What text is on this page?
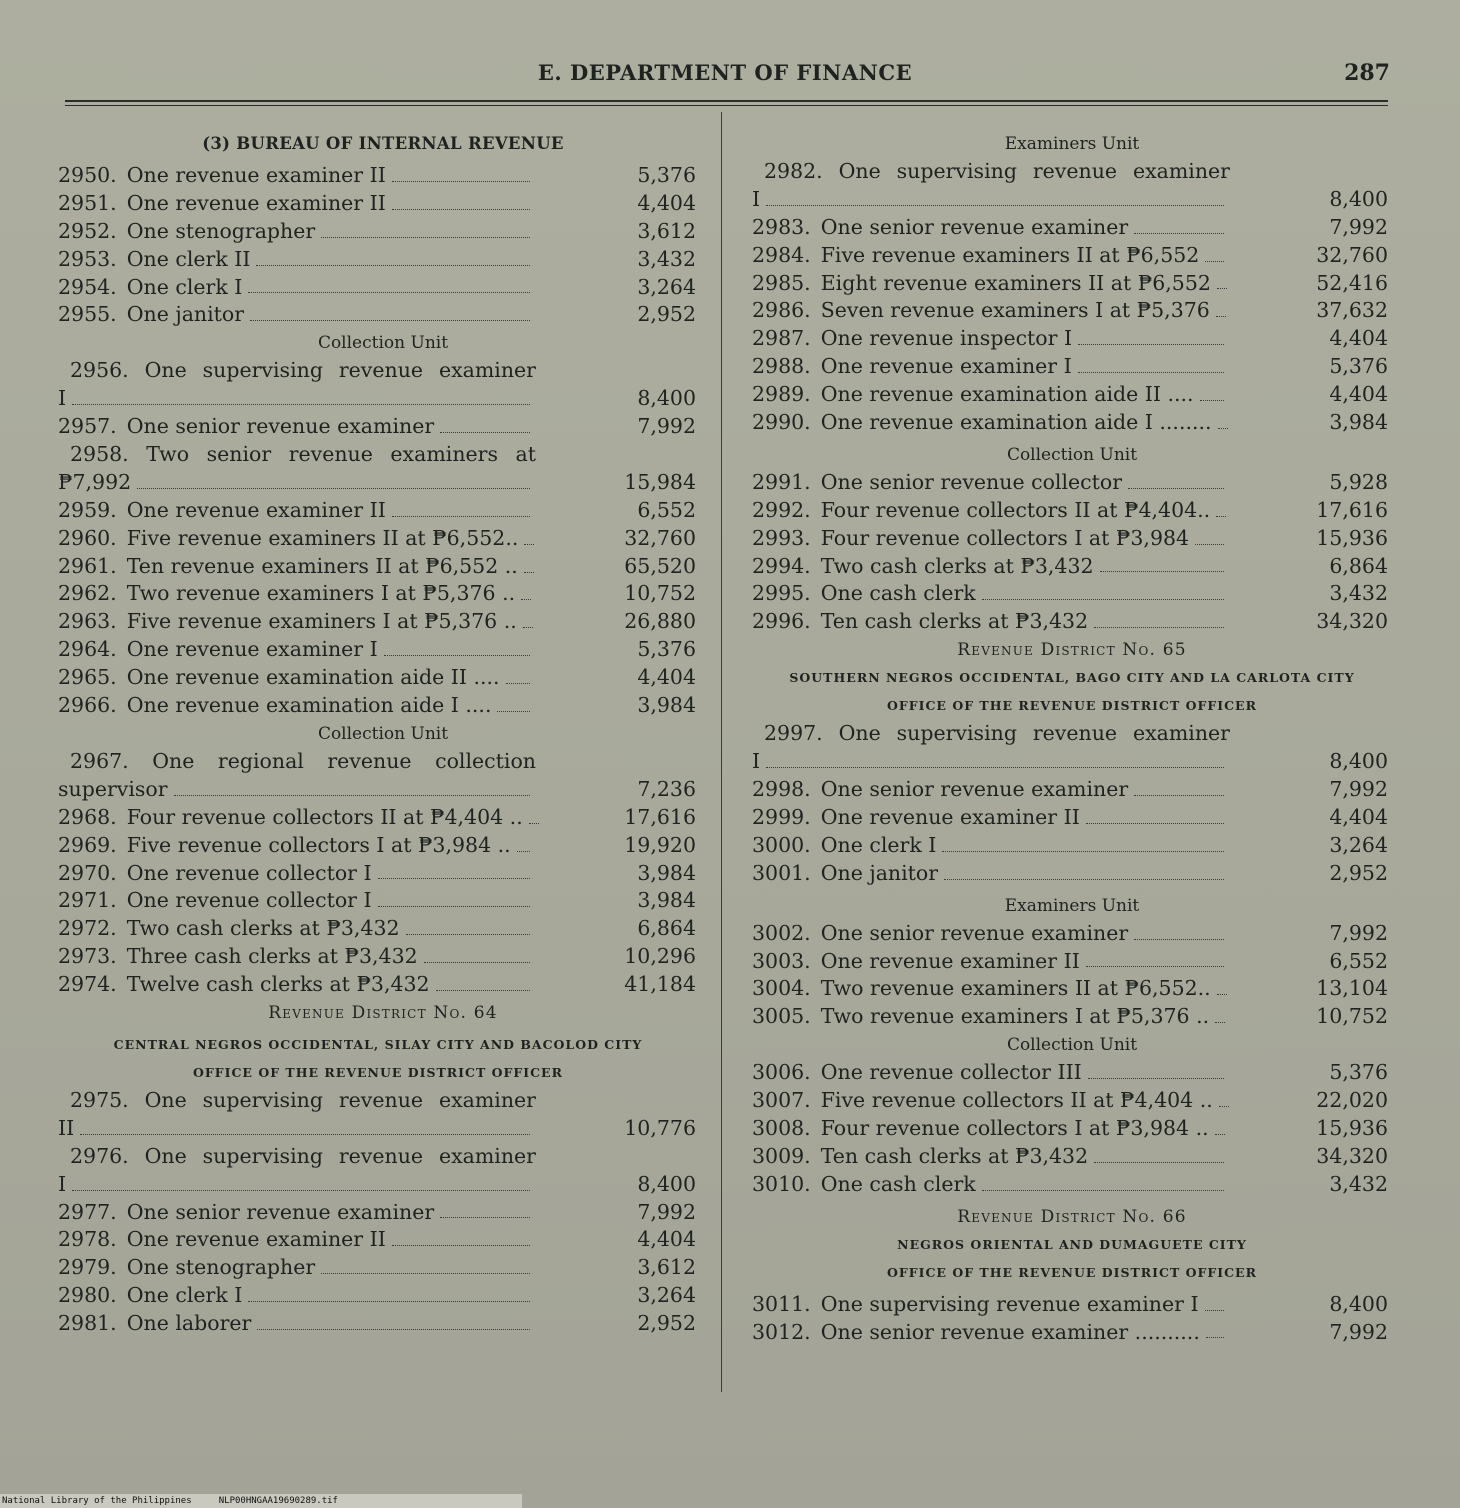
E. DEPARTMENT OF FINANCE	287
(3) BUREAU OF INTERNAL REVENUE
2950. One revenue examiner II	5,376
2951. One revenue examiner II	4,404
2952. One stenographer	3,612
2953. One clerk II	3,432
2954. One clerk I	3,264
2955. One janitor	2,952
Collection Unit
2956. One supervising revenue examiner
I	8,400
2957. One senior revenue examiner	7,992
2958. Two senior revenue examiners at
₱7,992	15,984
2959. One revenue examiner II	6,552
2960. Five revenue examiners II at ₱6,552..	32,760
2961. Ten revenue examiners II at ₱6,552 ..	65,520
2962. Two revenue examiners I at ₱5,376 ..	10,752
2963. Five revenue examiners I at ₱5,376 ..	26,880
2964. One revenue examiner I	5,376
2965. One revenue examination aide II ....	4,404
2966. One revenue examination aide I ....	3,984
Collection Unit
2967. One regional revenue collection
supervisor	7,236
2968. Four revenue collectors II at ₱4,404 ..	17,616
2969. Five revenue collectors I at ₱3,984 ..	19,920
2970. One revenue collector I	3,984
2971. One revenue collector I	3,984
2972. Two cash clerks at ₱3,432	6,864
2973. Three cash clerks at ₱3,432	10,296
2974. Twelve cash clerks at ₱3,432	41,184
Revenue District No. 64
CENTRAL NEGROS OCCIDENTAL, SILAY CITY AND BACOLOD CITY
OFFICE OF THE REVENUE DISTRICT OFFICER
2975. One supervising revenue examiner
II	10,776
2976. One supervising revenue examiner
I	8,400
2977. One senior revenue examiner	7,992
2978. One revenue examiner II	4,404
2979. One stenographer	3,612
2980. One clerk I	3,264
2981. One laborer	2,952
Examiners Unit
2982. One supervising revenue examiner
I	8,400
2983. One senior revenue examiner	7,992
2984. Five revenue examiners II at ₱6,552	32,760
2985. Eight revenue examiners II at ₱6,552	52,416
2986. Seven revenue examiners I at ₱5,376	37,632
2987. One revenue inspector I	4,404
2988. One revenue examiner I	5,376
2989. One revenue examination aide II ....	4,404
2990. One revenue examination aide I ........	3,984
Collection Unit
2991. One senior revenue collector	5,928
2992. Four revenue collectors II at ₱4,404..	17,616
2993. Four revenue collectors I at ₱3,984	15,936
2994. Two cash clerks at ₱3,432	6,864
2995. One cash clerk	3,432
2996. Ten cash clerks at ₱3,432	34,320
Revenue District No. 65
SOUTHERN NEGROS OCCIDENTAL, BAGO CITY AND LA CARLOTA CITY
OFFICE OF THE REVENUE DISTRICT OFFICER
2997. One supervising revenue examiner
I	8,400
2998. One senior revenue examiner	7,992
2999. One revenue examiner II	4,404
3000. One clerk I	3,264
3001. One janitor	2,952
Examiners Unit
3002. One senior revenue examiner	7,992
3003. One revenue examiner II	6,552
3004. Two revenue examiners II at ₱6,552..	13,104
3005. Two revenue examiners I at ₱5,376 ..	10,752
Collection Unit
3006. One revenue collector III	5,376
3007. Five revenue collectors II at ₱4,404 ..	22,020
3008. Four revenue collectors I at ₱3,984 ..	15,936
3009. Ten cash clerks at ₱3,432	34,320
3010. One cash clerk	3,432
Revenue District No. 66
NEGROS ORIENTAL AND DUMAGUETE CITY
OFFICE OF THE REVENUE DISTRICT OFFICER
3011. One supervising revenue examiner I	8,400
3012. One senior revenue examiner ..........	7,992
National Library of the Philippines	NLP00HNGAA19690289.tif
